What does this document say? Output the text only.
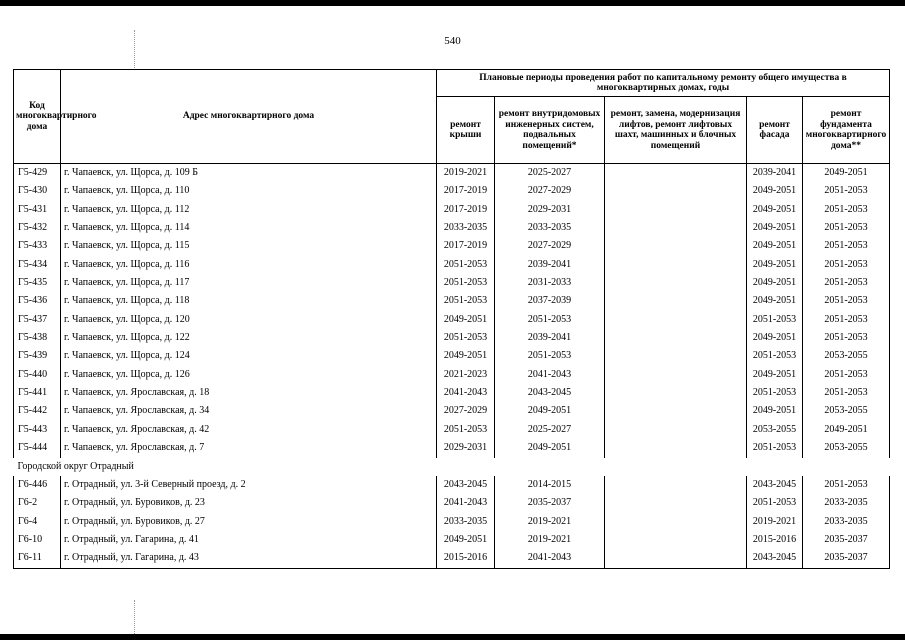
540
Код многоквартирного дома	Адрес многоквартирного дома	Плановые периоды проведения работ по капитальному ремонту общего имущества в многоквартирных домах, годы				
		ремонт крыши	ремонт внутридомовых инженерных систем, подвальных помещений*	ремонт, замена, модернизация лифтов, ремонт лифтовых шахт, машинных и блочных помещений	ремонт фасада	ремонт фундамента многоквартирного дома**
Г5-429	г. Чапаевск, ул. Щорса, д. 109 Б	2019-2021	2025-2027		2039-2041	2049-2051
Г5-430	г. Чапаевск, ул. Щорса, д. 110	2017-2019	2027-2029		2049-2051	2051-2053
Г5-431	г. Чапаевск, ул. Щорса, д. 112	2017-2019	2029-2031		2049-2051	2051-2053
Г5-432	г. Чапаевск, ул. Щорса, д. 114	2033-2035	2033-2035		2049-2051	2051-2053
Г5-433	г. Чапаевск, ул. Щорса, д. 115	2017-2019	2027-2029		2049-2051	2051-2053
Г5-434	г. Чапаевск, ул. Щорса, д. 116	2051-2053	2039-2041		2049-2051	2051-2053
Г5-435	г. Чапаевск, ул. Щорса, д. 117	2051-2053	2031-2033		2049-2051	2051-2053
Г5-436	г. Чапаевск, ул. Щорса, д. 118	2051-2053	2037-2039		2049-2051	2051-2053
Г5-437	г. Чапаевск, ул. Щорса, д. 120	2049-2051	2051-2053		2051-2053	2051-2053
Г5-438	г. Чапаевск, ул. Щорса, д. 122	2051-2053	2039-2041		2049-2051	2051-2053
Г5-439	г. Чапаевск, ул. Щорса, д. 124	2049-2051	2051-2053		2051-2053	2053-2055
Г5-440	г. Чапаевск, ул. Щорса, д. 126	2021-2023	2041-2043		2049-2051	2051-2053
Г5-441	г. Чапаевск, ул. Ярославская, д. 18	2041-2043	2043-2045		2051-2053	2051-2053
Г5-442	г. Чапаевск, ул. Ярославская, д. 34	2027-2029	2049-2051		2049-2051	2053-2055
Г5-443	г. Чапаевск, ул. Ярославская, д. 42	2051-2053	2025-2027		2053-2055	2049-2051
Г5-444	г. Чапаевск, ул. Ярославская, д. 7	2029-2031	2049-2051		2051-2053	2053-2055
Городской округ Отрадный						
Г6-446	г. Отрадный, ул. 3-й Северный проезд, д. 2	2043-2045	2014-2015		2043-2045	2051-2053
Г6-2	г. Отрадный, ул. Буровиков, д. 23	2041-2043	2035-2037		2051-2053	2033-2035
Г6-4	г. Отрадный, ул. Буровиков, д. 27	2033-2035	2019-2021		2019-2021	2033-2035
Г6-10	г. Отрадный, ул. Гагарина, д. 41	2049-2051	2019-2021		2015-2016	2035-2037
Г6-11	г. Отрадный, ул. Гагарина, д. 43	2015-2016	2041-2043		2043-2045	2035-2037
